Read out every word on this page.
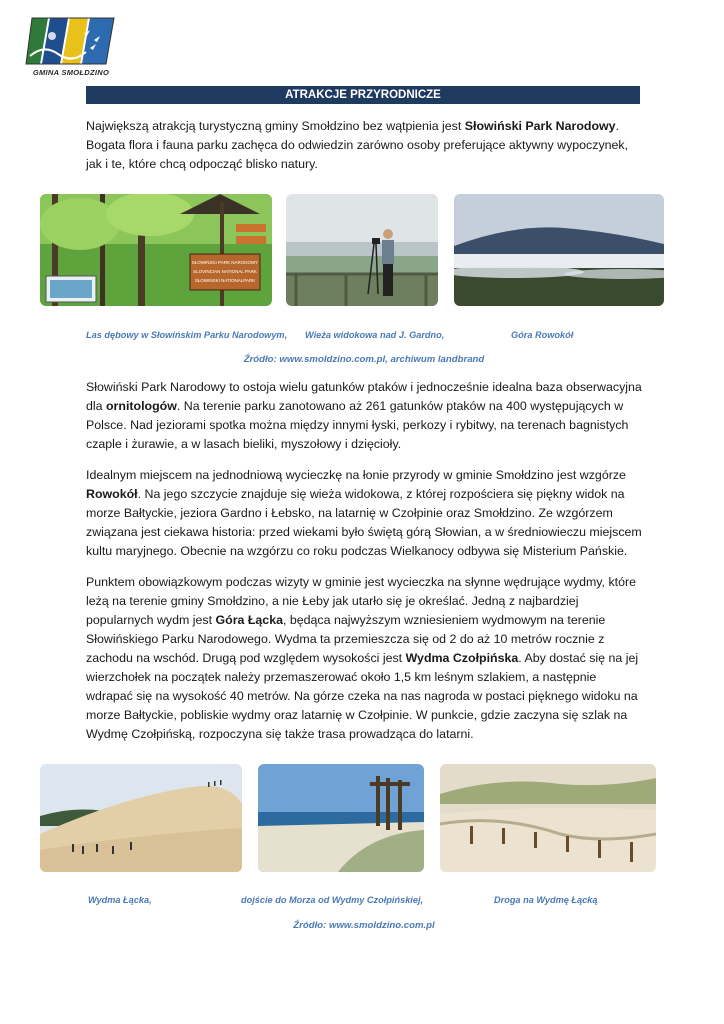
GMINA SMOŁDZINO
ATRAKCJE PRZYRODNICZE
Największą atrakcją turystyczną gminy Smołdzino bez wątpienia jest Słowiński Park Narodowy. Bogata flora i fauna parku zachęca do odwiedzin zarówno osoby preferujące aktywny wypoczynek, jak i te, które chcą odpocząć blisko natury.
SŁOWIŃSKI PARK NARODOWY
SLOVINCIAN NATIONAL PARK
SŁOWIŃSKI NATIONALPARK
Las dębowy w Słowińskim Parku Narodowym, Wieża widokowa nad J. Gardno,	Góra Rowokół
Źródło: www.smoldzino.com.pl, archiwum landbrand
Słowiński Park Narodowy to ostoja wielu gatunków ptaków i jednocześnie idealna baza obserwacyjna dla ornitologów. Na terenie parku zanotowano aż 261 gatunków ptaków na 400 występujących w Polsce. Nad jeziorami spotka można między innymi łyski, perkozy i rybitwy, na terenach bagnistych czaple i żurawie, a w lasach bieliki, myszołowy i dzięcioły.
Idealnym miejscem na jednodniową wycieczkę na łonie przyrody w gminie Smołdzino jest wzgórze Rowokół. Na jego szczycie znajduje się wieża widokowa, z której rozpościera się piękny widok na morze Bałtyckie, jeziora Gardno i Łebsko, na latarnię w Czołpinie oraz Smołdzino. Ze wzgórzem związana jest ciekawa historia: przed wiekami było świętą górą Słowian, a w średniowieczu miejscem kultu maryjnego. Obecnie na wzgórzu co roku podczas Wielkanocy odbywa się Misterium Pańskie.
Punktem obowiązkowym podczas wizyty w gminie jest wycieczka na słynne wędrujące wydmy, które leżą na terenie gminy Smołdzino, a nie Łeby jak utarło się je określać. Jedną z najbardziej popularnych wydm jest Góra Łącka, będąca najwyższym wzniesieniem wydmowym na terenie Słowińskiego Parku Narodowego. Wydma ta przemieszcza się od 2 do aż 10 metrów rocznie z zachodu na wschód. Drugą pod względem wysokości jest Wydma Czołpińska. Aby dostać się na jej wierzchołek na początek należy przemaszerować około 1,5 km leśnym szlakiem, a następnie wdrapać się na wysokość 40 metrów. Na górze czeka na nas nagroda w postaci pięknego widoku na morze Bałtyckie, pobliskie wydmy oraz latarnię w Czołpinie. W punkcie, gdzie zaczyna się szlak na Wydmę Czołpińską, rozpoczyna się także trasa prowadząca do latarni.
Wydma Łącka,	dojście do Morza od Wydmy Czołpińskiej,	Droga na Wydmę Łącką
Źródło: www.smoldzino.com.pl
